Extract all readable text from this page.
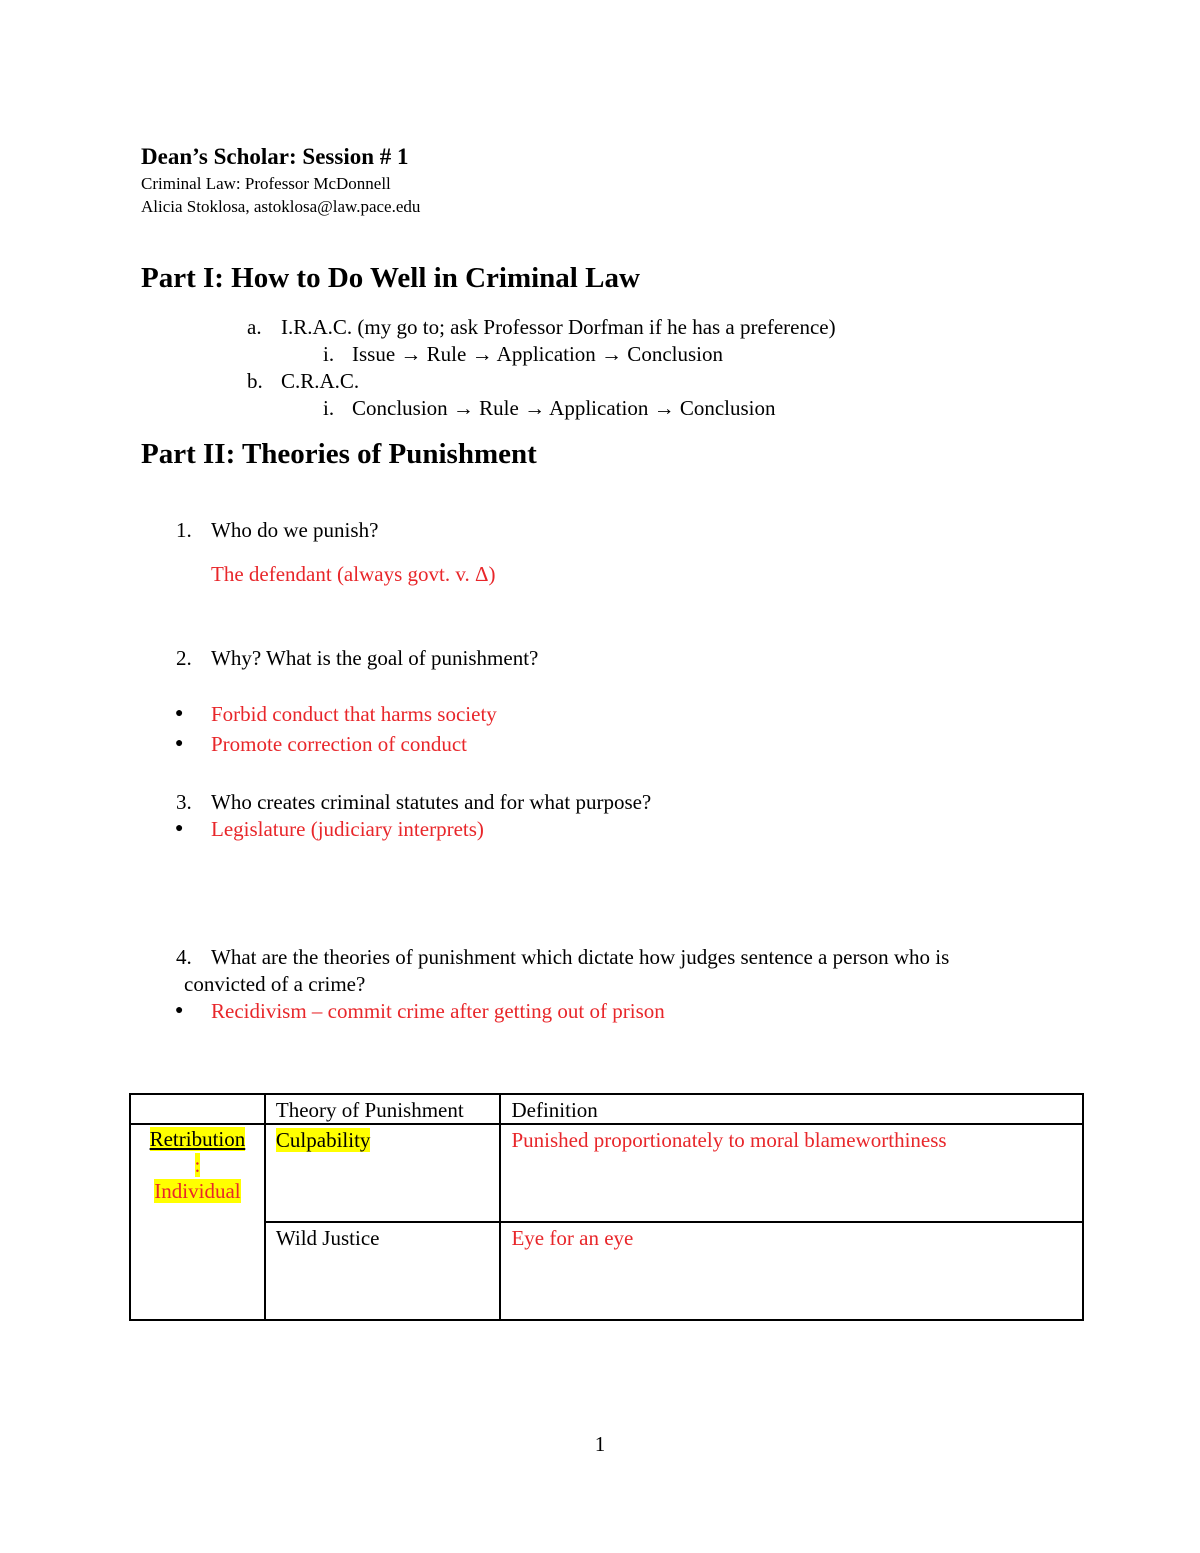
Dean’s Scholar: Session # 1
Criminal Law: Professor McDonnell
Alicia Stoklosa, astoklosa@law.pace.edu
Part I: How to Do Well in Criminal Law
a. I.R.A.C. (my go to; ask Professor Dorfman if he has a preference)
i. Issue → Rule → Application → Conclusion
b. C.R.A.C.
i. Conclusion → Rule → Application → Conclusion
Part II: Theories of Punishment
1. Who do we punish?
The defendant (always govt. v. Δ)
2. Why? What is the goal of punishment?
● Forbid conduct that harms society
● Promote correction of conduct
3. Who creates criminal statutes and for what purpose?
● Legislature (judiciary interprets)
4. What are the theories of punishment which dictate how judges sentence a person who is
convicted of a crime?
● Recidivism – commit crime after getting out of prison
	Theory of Punishment	Definition
Retribution
:
Individual	Culpability	Punished proportionately to moral blameworthiness
	Wild Justice	Eye for an eye
1
